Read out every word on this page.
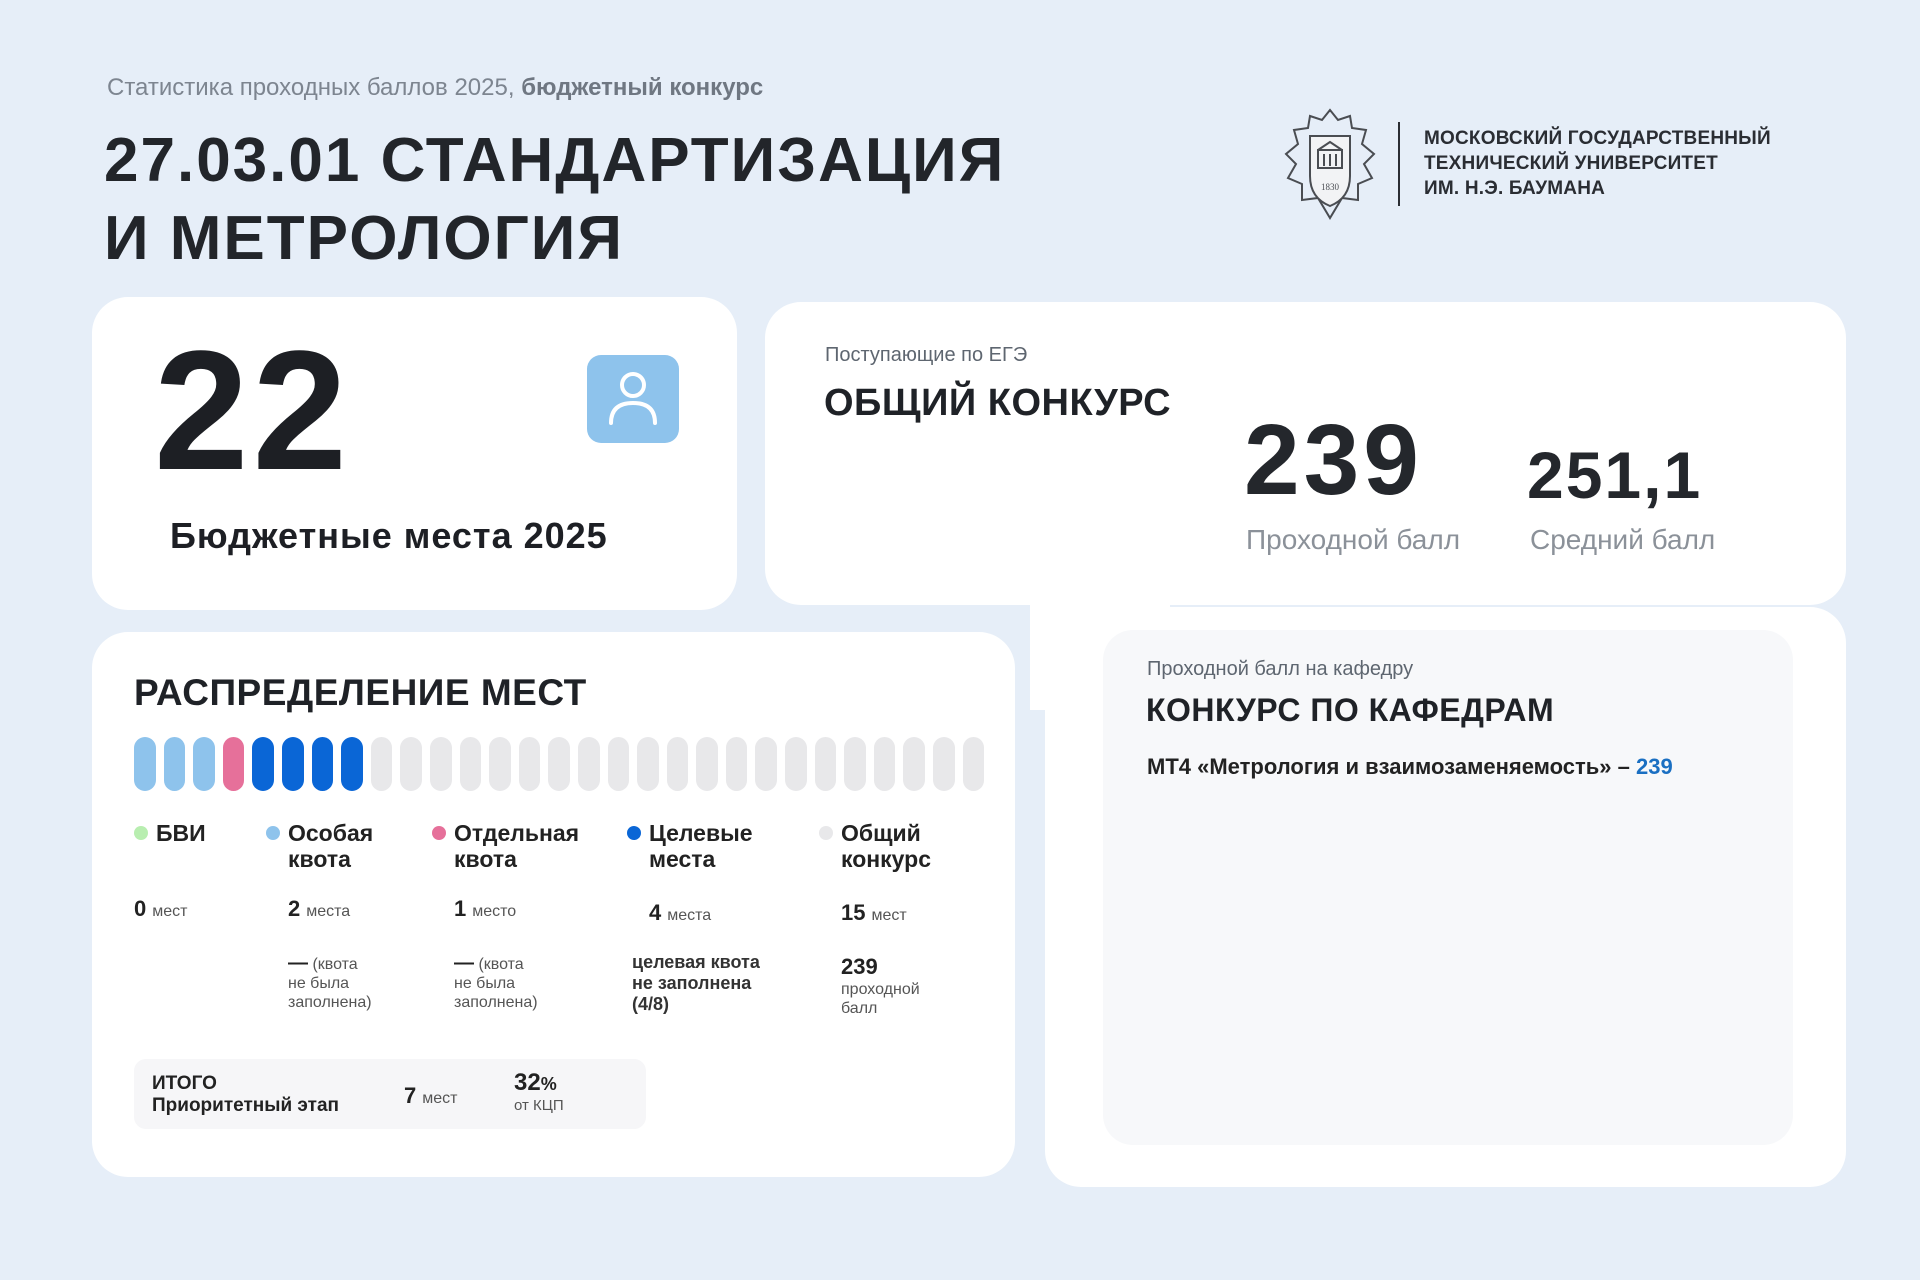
Статистика проходных баллов 2025, бюджетный конкурс
27.03.01 СТАНДАРТИЗАЦИЯ
И МЕТРОЛОГИЯ
1830
МОСКОВСКИЙ ГОСУДАРСТВЕННЫЙ
ТЕХНИЧЕСКИЙ УНИВЕРСИТЕТ
ИМ. Н.Э. БАУМАНА
22
Бюджетные места 2025
Поступающие по ЕГЭ
ОБЩИЙ КОНКУРС
239
Проходной балл
251,1
Средний балл
РАСПРЕДЕЛЕНИЕ МЕСТ
БВИ
0 мест
Особая
квота
2 места
— (квота
не была
заполнена)
Отдельная
квота
1 место
— (квота
не была
заполнена)
Целевые
места
4 места
целевая квота
не заполнена
(4/8)
Общий
конкурс
15 мест
239
проходной
балл
ИТОГО
Приоритетный этап	7 мест
32%
от КЦП
Проходной балл на кафедру
КОНКУРС ПО КАФЕДРАМ
МТ4 «Метрология и взаимозаменяемость» – 239
